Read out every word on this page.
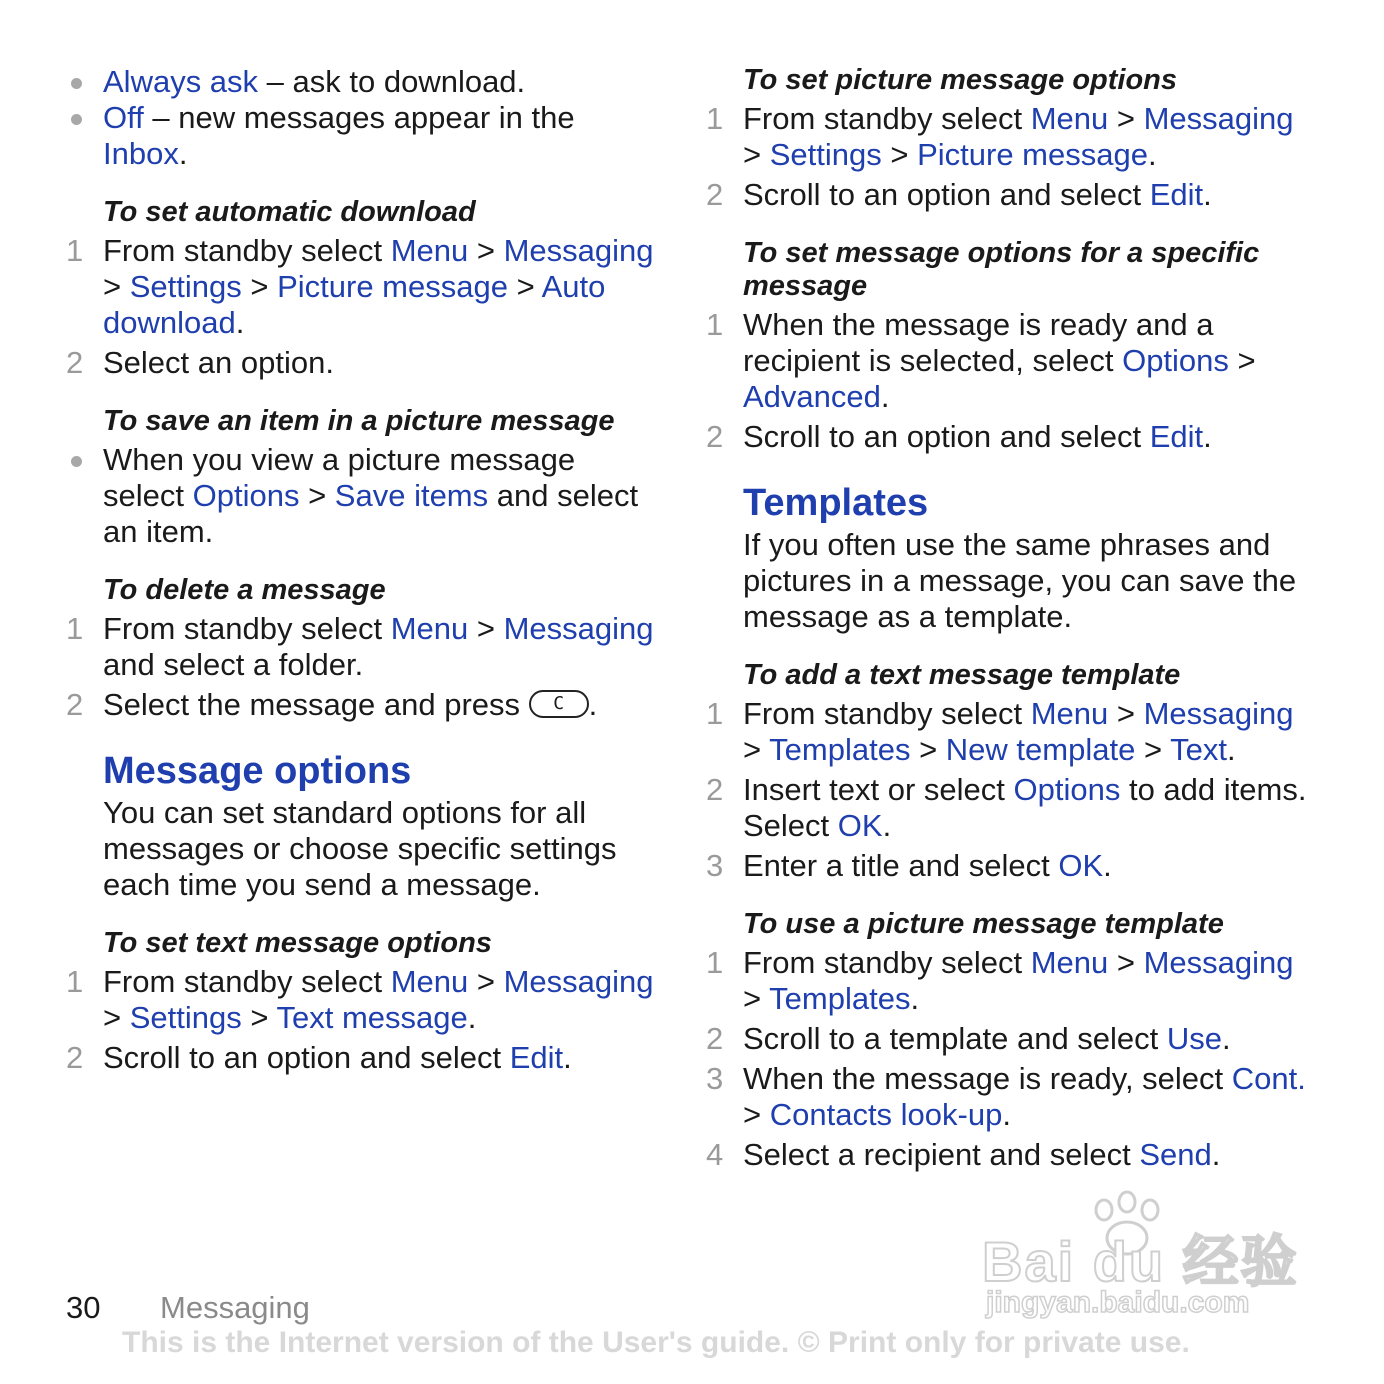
Always ask – ask to download.
Off – new messages appear in the Inbox.
To set automatic download
1 From standby select Menu > Messaging > Settings > Picture message > Auto download.
2 Select an option.
To save an item in a picture message
When you view a picture message select Options > Save items and select an item.
To delete a message
1 From standby select Menu > Messaging and select a folder.
2 Select the message and press C .
Message options
You can set standard options for all messages or choose specific settings each time you send a message.
To set text message options
1 From standby select Menu > Messaging > Settings > Text message.
2 Scroll to an option and select Edit.
To set picture message options
1 From standby select Menu > Messaging > Settings > Picture message.
2 Scroll to an option and select Edit.
To set message options for a specific message
1 When the message is ready and a recipient is selected, select Options > Advanced.
2 Scroll to an option and select Edit.
Templates
If you often use the same phrases and pictures in a message, you can save the message as a template.
To add a text message template
1 From standby select Menu > Messaging > Templates > New template > Text.
2 Insert text or select Options to add items. Select OK.
3 Enter a title and select OK.
To use a picture message template
1 From standby select Menu > Messaging > Templates.
2 Scroll to a template and select Use.
3 When the message is ready, select Cont. > Contacts look-up.
4 Select a recipient and select Send.
Bai du 经验
jingyan.baidu.com
30 Messaging
This is the Internet version of the User's guide. © Print only for private use.
